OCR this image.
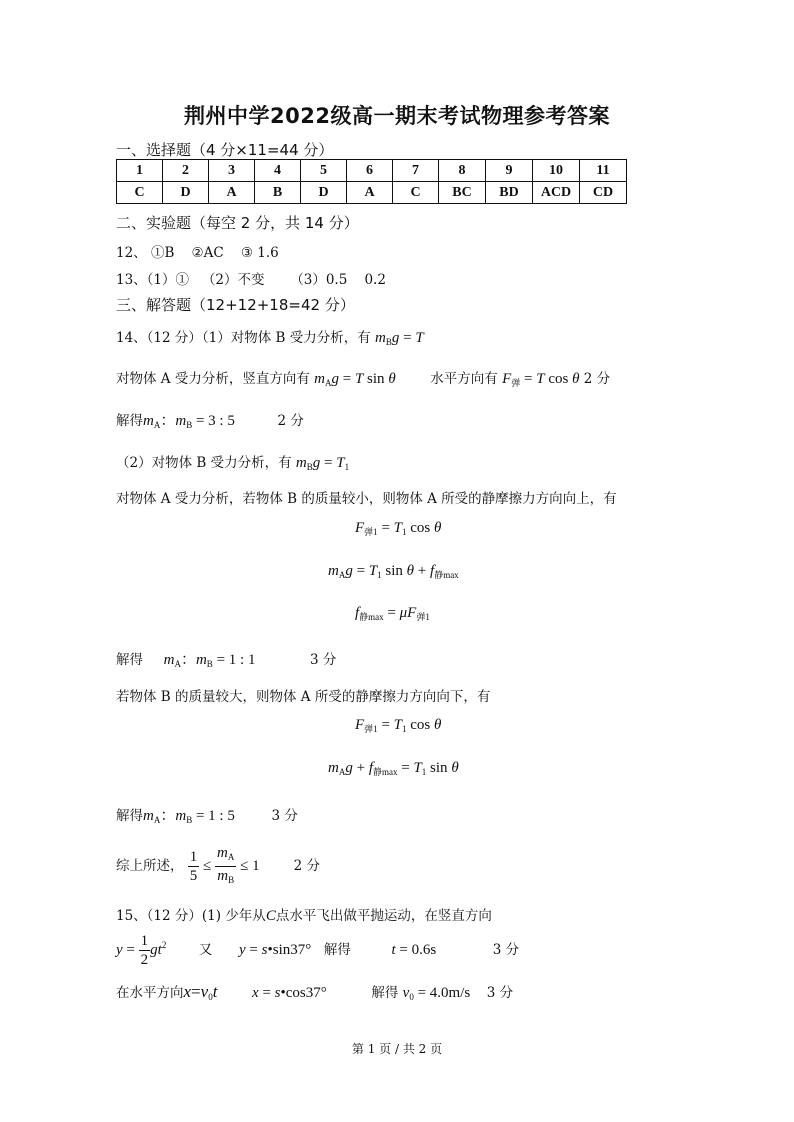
荆州中学2022级高一期末考试物理参考答案
一、选择题（4 分×11=44 分）
1	2	3	4	5	6	7	8	9	10	11
C	D	A	B	D	A	C	BC	BD	ACD	CD
二、实验题（每空 2 分，共 14 分）
12、 ①B    ②AC    ③ 1.6
13、（1）①   （2）不变      （3）0.5    0.2
三、解答题（12+12+18=42 分）
14、（12 分）（1）对物体 B 受力分析，有 $m_Bg = T$
对物体 A 受力分析，竖直方向有 $m_Ag = T$ sin θ	水平方向有 $F_弹 = T$ cos θ 2 分
解得$m_A$：$m_B = 3$ : 5	2 分
（2）对物体 B 受力分析，有 $m_Bg = T_1$
对物体 A 受力分析，若物体 B 的质量较小，则物体 A 所受的静摩擦力方向向上，有
$F_{弹1} = T_1$ cos θ
$m_Ag = T_1$ $\sin \theta + f_{静max}$
$f_{静max} = \mu F_{弹1}$
解得 $m_A$：$m_B = 1$ : 1	3 分
若物体 B 的质量较大，则物体 A 所受的静摩擦力方向向下，有
$F_{弹1} = T_1$ cos θ
$m_Ag + f_{静max} = T_1$ sin θ
解得$m_A$：$m_B = 1$ : 5	3 分
综上所述， $\frac{1}{5} \le \frac{m_A}{m_B} \le 1$  2 分
15、（12 分）(1) 少年从C点水平飞出做平抛运动，在竖直方向
$y = \frac{1}{2} gt^2$ 又 y = s•sin37° 解得	t = 0.6s	3 分
在水平方向$x=v_0t$ x = s•cos37°	解得 $v_0 = 4.0m/s$ 3 分
第 1 页 / 共 2 页
